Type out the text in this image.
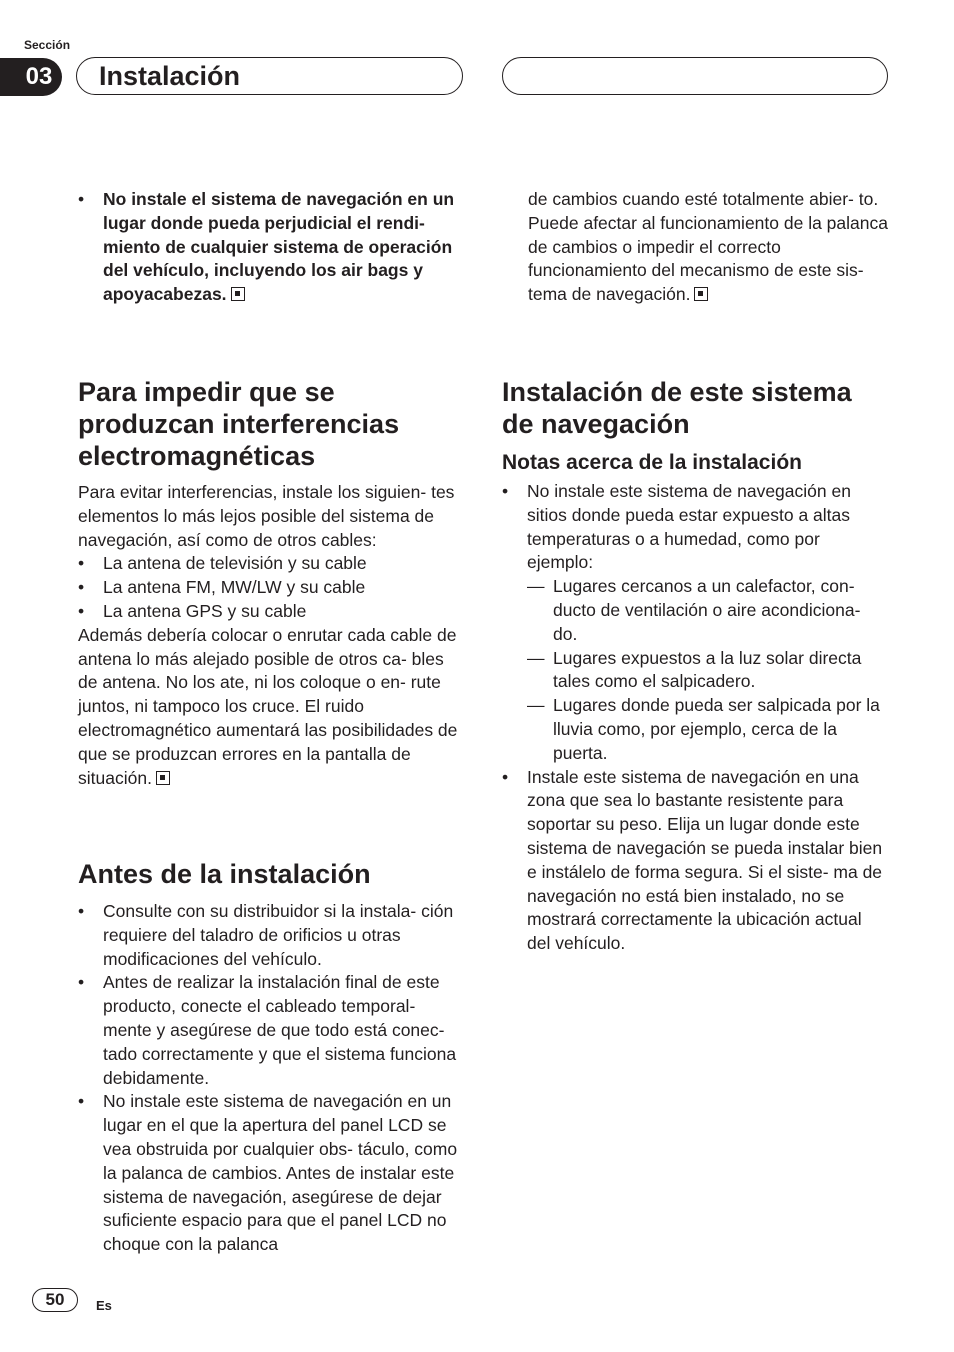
Sección
03	Instalación
•	No instale el sistema de navegación en un lugar donde pueda perjudicial el rendi- miento de cualquier sistema de operación del vehículo, incluyendo los air bags y apoyacabezas.

de cambios cuando esté totalmente abier- to. Puede afectar al funcionamiento de la palanca de cambios o impedir el correcto funcionamiento del mecanismo de este sis- tema de navegación.

Para impedir que se produzcan interferencias electromagnéticas

Para evitar interferencias, instale los siguien- tes elementos lo más lejos posible del sistema de navegación, así como de otros cables:

•	La antena de televisión y su cable
•	La antena FM, MW/LW y su cable
•	La antena GPS y su cable

Además debería colocar o enrutar cada cable de antena lo más alejado posible de otros ca- bles de antena. No los ate, ni los coloque o en- rute juntos, ni tampoco los cruce. El ruido electromagnético aumentará las posibilidades de que se produzcan errores en la pantalla de situación.

Antes de la instalación
•	Consulte con su distribuidor si la instala- ción requiere del taladro de orificios u otras modificaciones del vehículo.
•	Antes de realizar la instalación final de este producto, conecte el cableado temporal- mente y asegúrese de que todo está conec- tado correctamente y que el sistema funciona debidamente.
•	No instale este sistema de navegación en un lugar en el que la apertura del panel LCD se vea obstruida por cualquier obs- táculo, como la palanca de cambios. Antes de instalar este sistema de navegación, asegúrese de dejar suficiente espacio para que el panel LCD no choque con la palanca
Instalación de este sistema de navegación
Notas acerca de la instalación
•	No instale este sistema de navegación en sitios donde pueda estar expuesto a altas temperaturas o a humedad, como por ejemplo:
— Lugares cercanos a un calefactor, con- ducto de ventilación o aire acondiciona- do.
— Lugares expuestos a la luz solar directa tales como el salpicadero.
— Lugares donde pueda ser salpicada por la lluvia como, por ejemplo, cerca de la puerta.
•	Instale este sistema de navegación en una zona que sea lo bastante resistente para soportar su peso. Elija un lugar donde este sistema de navegación se pueda instalar bien e instálelo de forma segura. Si el siste- ma de navegación no está bien instalado, no se mostrará correctamente la ubicación actual del vehículo.
50	Es
